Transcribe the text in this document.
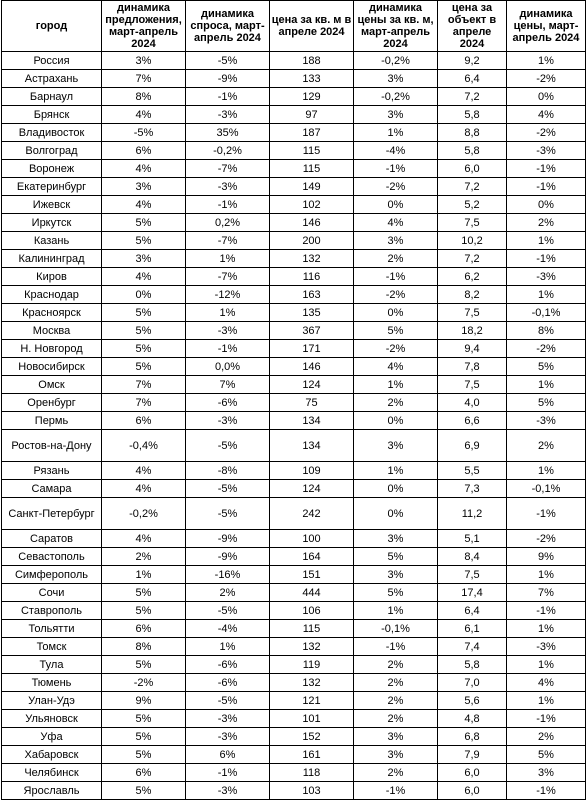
город	динамика предложения, март-апрель 2024	динамика спроса, март-апрель 2024	цена за кв. м в апреле 2024	динамика цены за кв. м, март-апрель 2024	цена за объект в апреле 2024	динамика цены, март-апрель 2024
Россия	3%	-5%	188	-0,2%	9,2	1%
Астрахань	7%	-9%	133	3%	6,4	-2%
Барнаул	8%	-1%	129	-0,2%	7,2	0%
Брянск	4%	-3%	97	3%	5,8	4%
Владивосток	-5%	35%	187	1%	8,8	-2%
Волгоград	6%	-0,2%	115	-4%	5,8	-3%
Воронеж	4%	-7%	115	-1%	6,0	-1%
Екатеринбург	3%	-3%	149	-2%	7,2	-1%
Ижевск	4%	-1%	102	0%	5,2	0%
Иркутск	5%	0,2%	146	4%	7,5	2%
Казань	5%	-7%	200	3%	10,2	1%
Калининград	3%	1%	132	2%	7,2	-1%
Киров	4%	-7%	116	-1%	6,2	-3%
Краснодар	0%	-12%	163	-2%	8,2	1%
Красноярск	5%	1%	135	0%	7,5	-0,1%
Москва	5%	-3%	367	5%	18,2	8%
Н. Новгород	5%	-1%	171	-2%	9,4	-2%
Новосибирск	5%	0,0%	146	4%	7,8	5%
Омск	7%	7%	124	1%	7,5	1%
Оренбург	7%	-6%	75	2%	4,0	5%
Пермь	6%	-3%	134	0%	6,6	-3%
Ростов-на-Дону	-0,4%	-5%	134	3%	6,9	2%
Рязань	4%	-8%	109	1%	5,5	1%
Самара	4%	-5%	124	0%	7,3	-0,1%
Санкт-Петербург	-0,2%	-5%	242	0%	11,2	-1%
Саратов	4%	-9%	100	3%	5,1	-2%
Севастополь	2%	-9%	164	5%	8,4	9%
Симферополь	1%	-16%	151	3%	7,5	1%
Сочи	5%	2%	444	5%	17,4	7%
Ставрополь	5%	-5%	106	1%	6,4	-1%
Тольятти	6%	-4%	115	-0,1%	6,1	1%
Томск	8%	1%	132	-1%	7,4	-3%
Тула	5%	-6%	119	2%	5,8	1%
Тюмень	-2%	-6%	132	2%	7,0	4%
Улан-Удэ	9%	-5%	121	2%	5,6	1%
Ульяновск	5%	-3%	101	2%	4,8	-1%
Уфа	5%	-3%	152	3%	6,8	2%
Хабаровск	5%	6%	161	3%	7,9	5%
Челябинск	6%	-1%	118	2%	6,0	3%
Ярославль	5%	-3%	103	-1%	6,0	-1%
